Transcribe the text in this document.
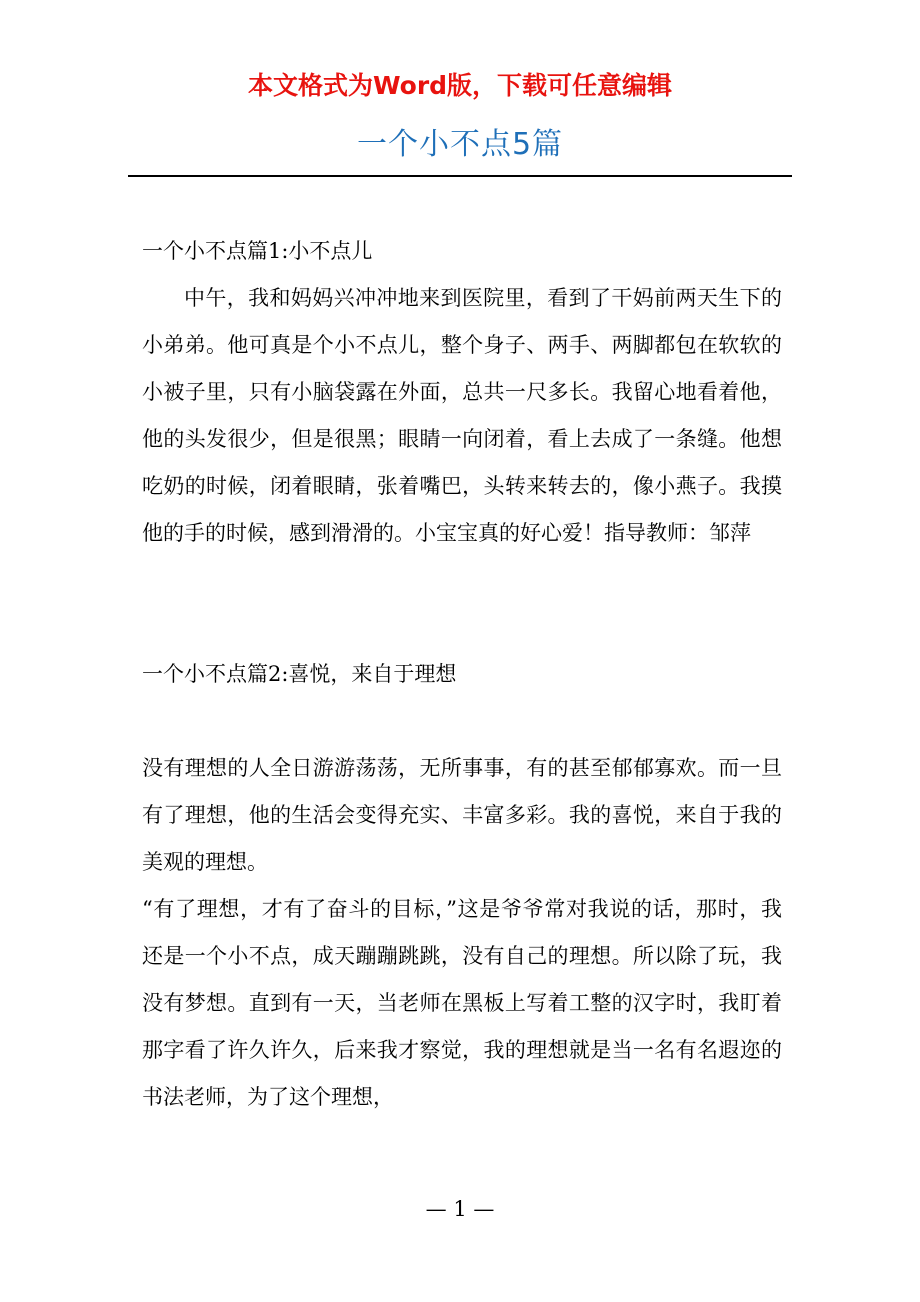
本文格式为Word版，下载可任意编辑
一个小不点5篇

一个小不点篇1:小不点儿

中午，我和妈妈兴冲冲地来到医院里，看到了干妈前两天生下的小弟弟。他可真是个小不点儿，整个身子、两手、两脚都包在软软的小被子里，只有小脑袋露在外面，总共一尺多长。我留心地看着他，他的头发很少，但是很黑；眼睛一向闭着，看上去成了一条缝。他想吃奶的时候，闭着眼睛，张着嘴巴，头转来转去的，像小燕子。我摸他的手的时候，感到滑滑的。小宝宝真的好心爱！指导教师：邹萍

一个小不点篇2:喜悦，来自于理想

没有理想的人全日游游荡荡，无所事事，有的甚至郁郁寡欢。而一旦有了理想，他的生活会变得充实、丰富多彩。我的喜悦，来自于我的美观的理想。

“有了理想，才有了奋斗的目标，”这是爷爷常对我说的话，那时，我还是一个小不点，成天蹦蹦跳跳，没有自己的理想。所以除了玩，我没有梦想。直到有一天，当老师在黑板上写着工整的汉字时，我盯着那字看了许久许久，后来我才察觉，我的理想就是当一名有名遐迩的书法老师，为了这个理想，

— 1 —
